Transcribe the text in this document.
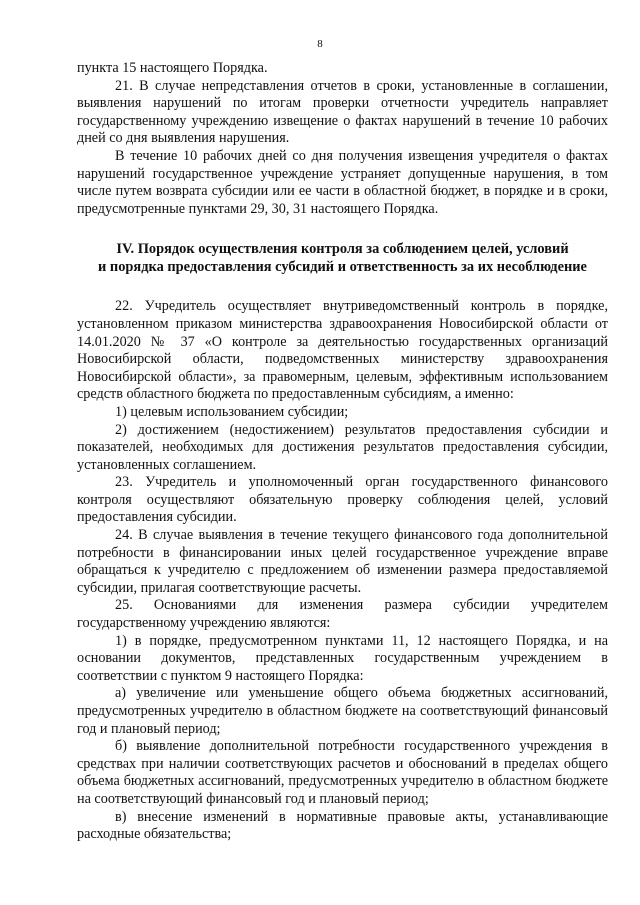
8

пункта 15 настоящего Порядка.

21. В случае непредставления отчетов в сроки, установленные в соглашении, выявления нарушений по итогам проверки отчетности учредитель направляет государственному учреждению извещение о фактах нарушений в течение 10 рабочих дней со дня выявления нарушения.

В течение 10 рабочих дней со дня получения извещения учредителя о фактах нарушений государственное учреждение устраняет допущенные нарушения, в том числе путем возврата субсидии или ее части в областной бюджет, в порядке и в сроки, предусмотренные пунктами 29, 30, 31 настоящего Порядка.

IV. Порядок осуществления контроля за соблюдением целей, условий
и порядка предоставления субсидий и ответственность за их несоблюдение

22. Учредитель осуществляет внутриведомственный контроль в порядке, установленном приказом министерства здравоохранения Новосибирской области от 14.01.2020 № 37 «О контроле за деятельностью государственных организаций Новосибирской области, подведомственных министерству здравоохранения Новосибирской области», за правомерным, целевым, эффективным использованием средств областного бюджета по предоставленным субсидиям, а именно:

1) целевым использованием субсидии;

2) достижением (недостижением) результатов предоставления субсидии и показателей, необходимых для достижения результатов предоставления субсидии, установленных соглашением.

23. Учредитель и уполномоченный орган государственного финансового контроля осуществляют обязательную проверку соблюдения целей, условий предоставления субсидии.

24. В случае выявления в течение текущего финансового года дополнительной потребности в финансировании иных целей государственное учреждение вправе обращаться к учредителю с предложением об изменении размера предоставляемой субсидии, прилагая соответствующие расчеты.

25. Основаниями для изменения размера субсидии учредителем государственному учреждению являются:

1) в порядке, предусмотренном пунктами 11, 12 настоящего Порядка, и на основании документов, представленных государственным учреждением в соответствии с пунктом 9 настоящего Порядка:

а) увеличение или уменьшение общего объема бюджетных ассигнований, предусмотренных учредителю в областном бюджете на соответствующий финансовый год и плановый период;

б) выявление дополнительной потребности государственного учреждения в средствах при наличии соответствующих расчетов и обоснований в пределах общего объема бюджетных ассигнований, предусмотренных учредителю в областном бюджете на соответствующий финансовый год и плановый период;

в) внесение изменений в нормативные правовые акты, устанавливающие расходные обязательства;
